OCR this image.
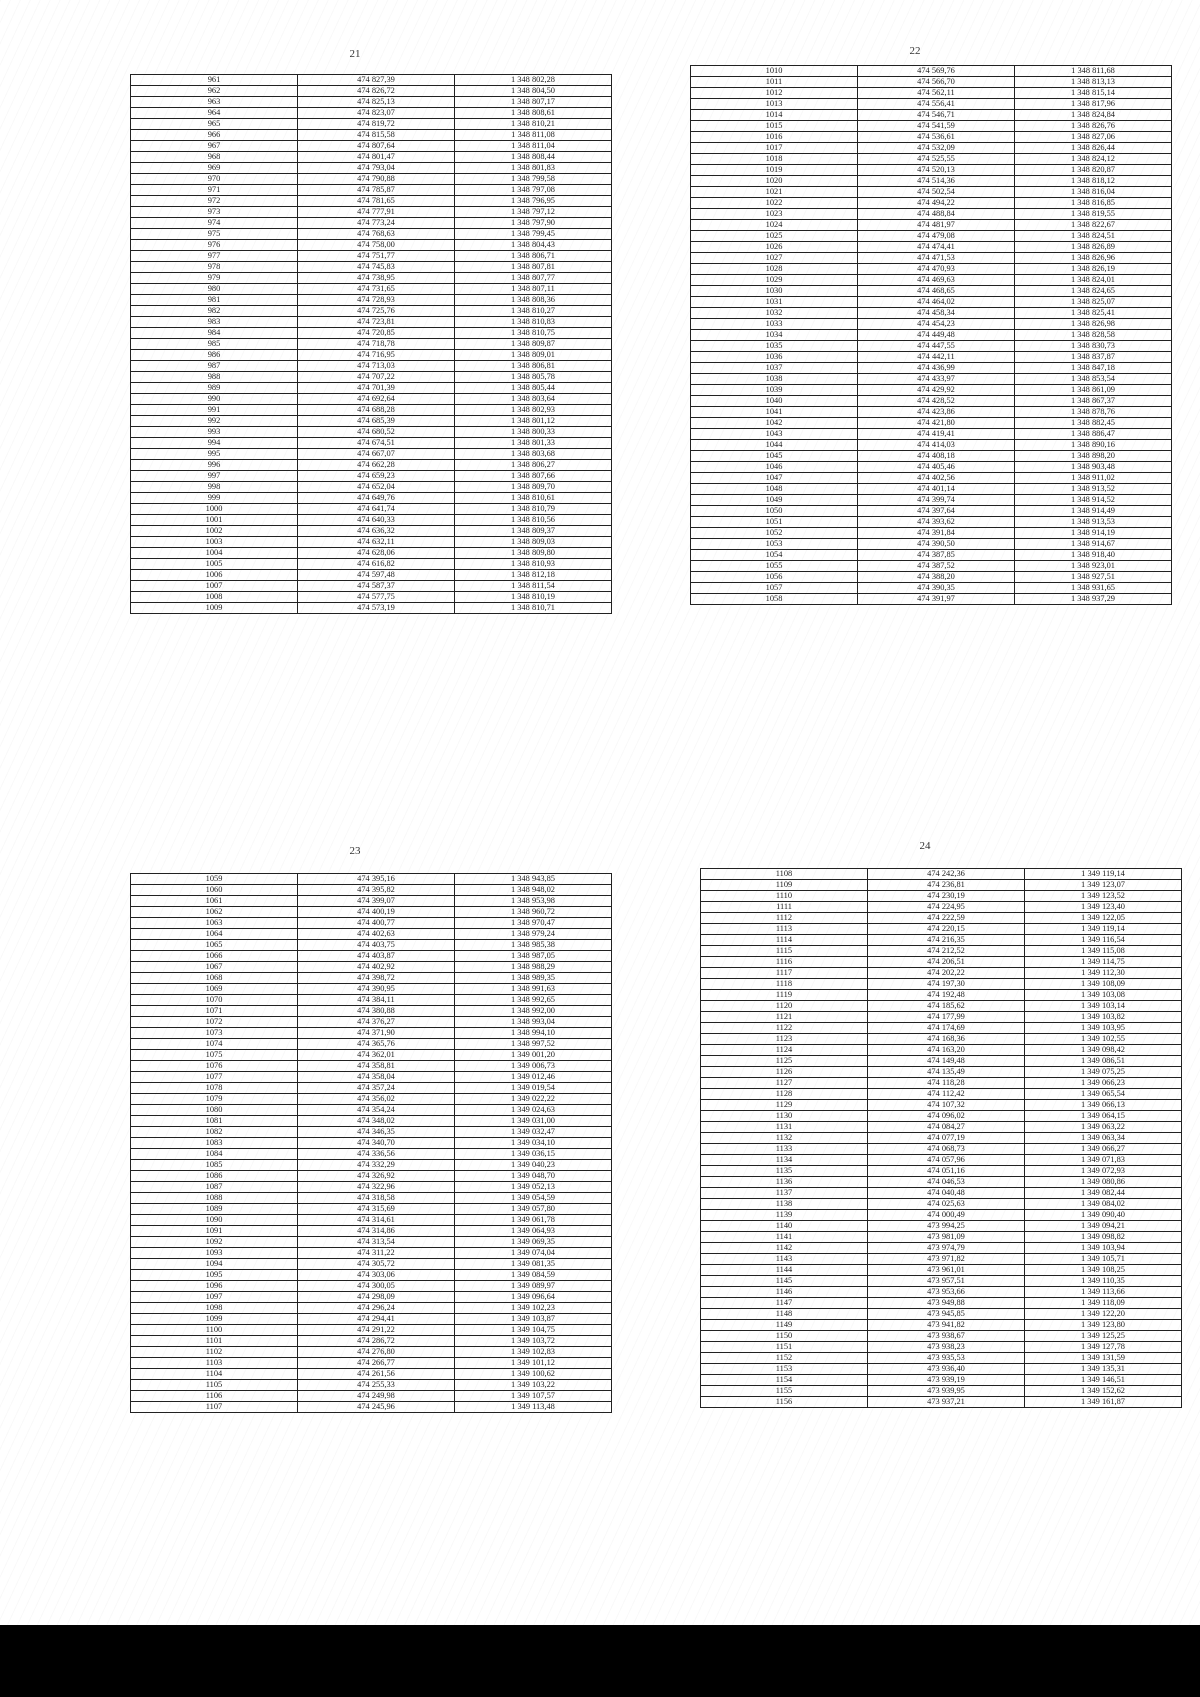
21
961	474 827,39	1 348 802,28
962	474 826,72	1 348 804,50
963	474 825,13	1 348 807,17
964	474 823,07	1 348 808,61
965	474 819,72	1 348 810,21
966	474 815,58	1 348 811,08
967	474 807,64	1 348 811,04
968	474 801,47	1 348 808,44
969	474 793,04	1 348 801,83
970	474 790,88	1 348 799,58
971	474 785,87	1 348 797,08
972	474 781,65	1 348 796,95
973	474 777,91	1 348 797,12
974	474 773,24	1 348 797,90
975	474 768,63	1 348 799,45
976	474 758,00	1 348 804,43
977	474 751,77	1 348 806,71
978	474 745,83	1 348 807,81
979	474 738,95	1 348 807,77
980	474 731,65	1 348 807,11
981	474 728,93	1 348 808,36
982	474 725,76	1 348 810,27
983	474 723,81	1 348 810,83
984	474 720,85	1 348 810,75
985	474 718,78	1 348 809,87
986	474 716,95	1 348 809,01
987	474 713,03	1 348 806,81
988	474 707,22	1 348 805,78
989	474 701,39	1 348 805,44
990	474 692,64	1 348 803,64
991	474 688,28	1 348 802,93
992	474 685,39	1 348 801,12
993	474 680,52	1 348 800,33
994	474 674,51	1 348 801,33
995	474 667,07	1 348 803,68
996	474 662,28	1 348 806,27
997	474 659,23	1 348 807,66
998	474 652,04	1 348 809,70
999	474 649,76	1 348 810,61
1000	474 641,74	1 348 810,79
1001	474 640,33	1 348 810,56
1002	474 636,32	1 348 809,37
1003	474 632,11	1 348 809,03
1004	474 628,06	1 348 809,80
1005	474 616,82	1 348 810,93
1006	474 597,48	1 348 812,18
1007	474 587,37	1 348 811,54
1008	474 577,75	1 348 810,19
1009	474 573,19	1 348 810,71
22
1010	474 569,76	1 348 811,68
1011	474 566,70	1 348 813,13
1012	474 562,11	1 348 815,14
1013	474 556,41	1 348 817,96
1014	474 546,71	1 348 824,84
1015	474 541,59	1 348 826,76
1016	474 536,61	1 348 827,06
1017	474 532,09	1 348 826,44
1018	474 525,55	1 348 824,12
1019	474 520,13	1 348 820,87
1020	474 514,36	1 348 818,12
1021	474 502,54	1 348 816,04
1022	474 494,22	1 348 816,85
1023	474 488,84	1 348 819,55
1024	474 481,97	1 348 822,67
1025	474 479,08	1 348 824,51
1026	474 474,41	1 348 826,89
1027	474 471,53	1 348 826,96
1028	474 470,93	1 348 826,19
1029	474 469,63	1 348 824,01
1030	474 468,65	1 348 824,65
1031	474 464,02	1 348 825,07
1032	474 458,34	1 348 825,41
1033	474 454,23	1 348 826,98
1034	474 449,48	1 348 828,58
1035	474 447,55	1 348 830,73
1036	474 442,11	1 348 837,87
1037	474 436,99	1 348 847,18
1038	474 433,97	1 348 853,54
1039	474 429,92	1 348 861,09
1040	474 428,52	1 348 867,37
1041	474 423,86	1 348 878,76
1042	474 421,80	1 348 882,45
1043	474 419,41	1 348 886,47
1044	474 414,03	1 348 890,16
1045	474 408,18	1 348 898,20
1046	474 405,46	1 348 903,48
1047	474 402,56	1 348 911,02
1048	474 401,14	1 348 913,52
1049	474 399,74	1 348 914,52
1050	474 397,64	1 348 914,49
1051	474 393,62	1 348 913,53
1052	474 391,84	1 348 914,19
1053	474 390,50	1 348 914,67
1054	474 387,85	1 348 918,40
1055	474 387,52	1 348 923,01
1056	474 388,20	1 348 927,51
1057	474 390,35	1 348 931,65
1058	474 391,97	1 348 937,29
23
1059	474 395,16	1 348 943,85
1060	474 395,82	1 348 948,02
1061	474 399,07	1 348 953,98
1062	474 400,19	1 348 960,72
1063	474 400,77	1 348 970,47
1064	474 402,63	1 348 979,24
1065	474 403,75	1 348 985,38
1066	474 403,87	1 348 987,05
1067	474 402,92	1 348 988,29
1068	474 398,72	1 348 989,35
1069	474 390,95	1 348 991,63
1070	474 384,11	1 348 992,65
1071	474 380,88	1 348 992,00
1072	474 376,27	1 348 993,04
1073	474 371,90	1 348 994,10
1074	474 365,76	1 348 997,52
1075	474 362,01	1 349 001,20
1076	474 358,81	1 349 006,73
1077	474 358,04	1 349 012,46
1078	474 357,24	1 349 019,54
1079	474 356,02	1 349 022,22
1080	474 354,24	1 349 024,63
1081	474 348,02	1 349 031,00
1082	474 346,35	1 349 032,47
1083	474 340,70	1 349 034,10
1084	474 336,56	1 349 036,15
1085	474 332,29	1 349 040,23
1086	474 326,92	1 349 048,70
1087	474 322,96	1 349 052,13
1088	474 318,58	1 349 054,59
1089	474 315,69	1 349 057,80
1090	474 314,61	1 349 061,78
1091	474 314,86	1 349 064,93
1092	474 313,54	1 349 069,35
1093	474 311,22	1 349 074,04
1094	474 305,72	1 349 081,35
1095	474 303,06	1 349 084,59
1096	474 300,05	1 349 089,97
1097	474 298,09	1 349 096,64
1098	474 296,24	1 349 102,23
1099	474 294,41	1 349 103,87
1100	474 291,22	1 349 104,75
1101	474 286,72	1 349 103,72
1102	474 276,80	1 349 102,83
1103	474 266,77	1 349 101,12
1104	474 261,56	1 349 100,62
1105	474 255,33	1 349 103,22
1106	474 249,98	1 349 107,57
1107	474 245,96	1 349 113,48
24
1108	474 242,36	1 349 119,14
1109	474 236,81	1 349 123,07
1110	474 230,19	1 349 123,52
1111	474 224,95	1 349 123,40
1112	474 222,59	1 349 122,05
1113	474 220,15	1 349 119,14
1114	474 216,35	1 349 116,54
1115	474 212,52	1 349 115,08
1116	474 206,51	1 349 114,75
1117	474 202,22	1 349 112,30
1118	474 197,30	1 349 108,09
1119	474 192,48	1 349 103,08
1120	474 185,62	1 349 103,14
1121	474 177,99	1 349 103,82
1122	474 174,69	1 349 103,95
1123	474 168,36	1 349 102,55
1124	474 163,20	1 349 098,42
1125	474 149,48	1 349 086,51
1126	474 135,49	1 349 075,25
1127	474 118,28	1 349 066,23
1128	474 112,42	1 349 065,54
1129	474 107,32	1 349 066,13
1130	474 096,02	1 349 064,15
1131	474 084,27	1 349 063,22
1132	474 077,19	1 349 063,34
1133	474 068,73	1 349 066,27
1134	474 057,96	1 349 071,83
1135	474 051,16	1 349 072,93
1136	474 046,53	1 349 080,86
1137	474 040,48	1 349 082,44
1138	474 025,63	1 349 084,02
1139	474 000,49	1 349 090,40
1140	473 994,25	1 349 094,21
1141	473 981,09	1 349 098,82
1142	473 974,79	1 349 103,94
1143	473 971,82	1 349 105,71
1144	473 961,01	1 349 108,25
1145	473 957,51	1 349 110,35
1146	473 953,66	1 349 113,66
1147	473 949,88	1 349 118,09
1148	473 945,85	1 349 122,20
1149	473 941,82	1 349 123,80
1150	473 938,67	1 349 125,25
1151	473 938,23	1 349 127,78
1152	473 935,53	1 349 131,59
1153	473 936,40	1 349 135,31
1154	473 939,19	1 349 146,51
1155	473 939,95	1 349 152,62
1156	473 937,21	1 349 161,87
